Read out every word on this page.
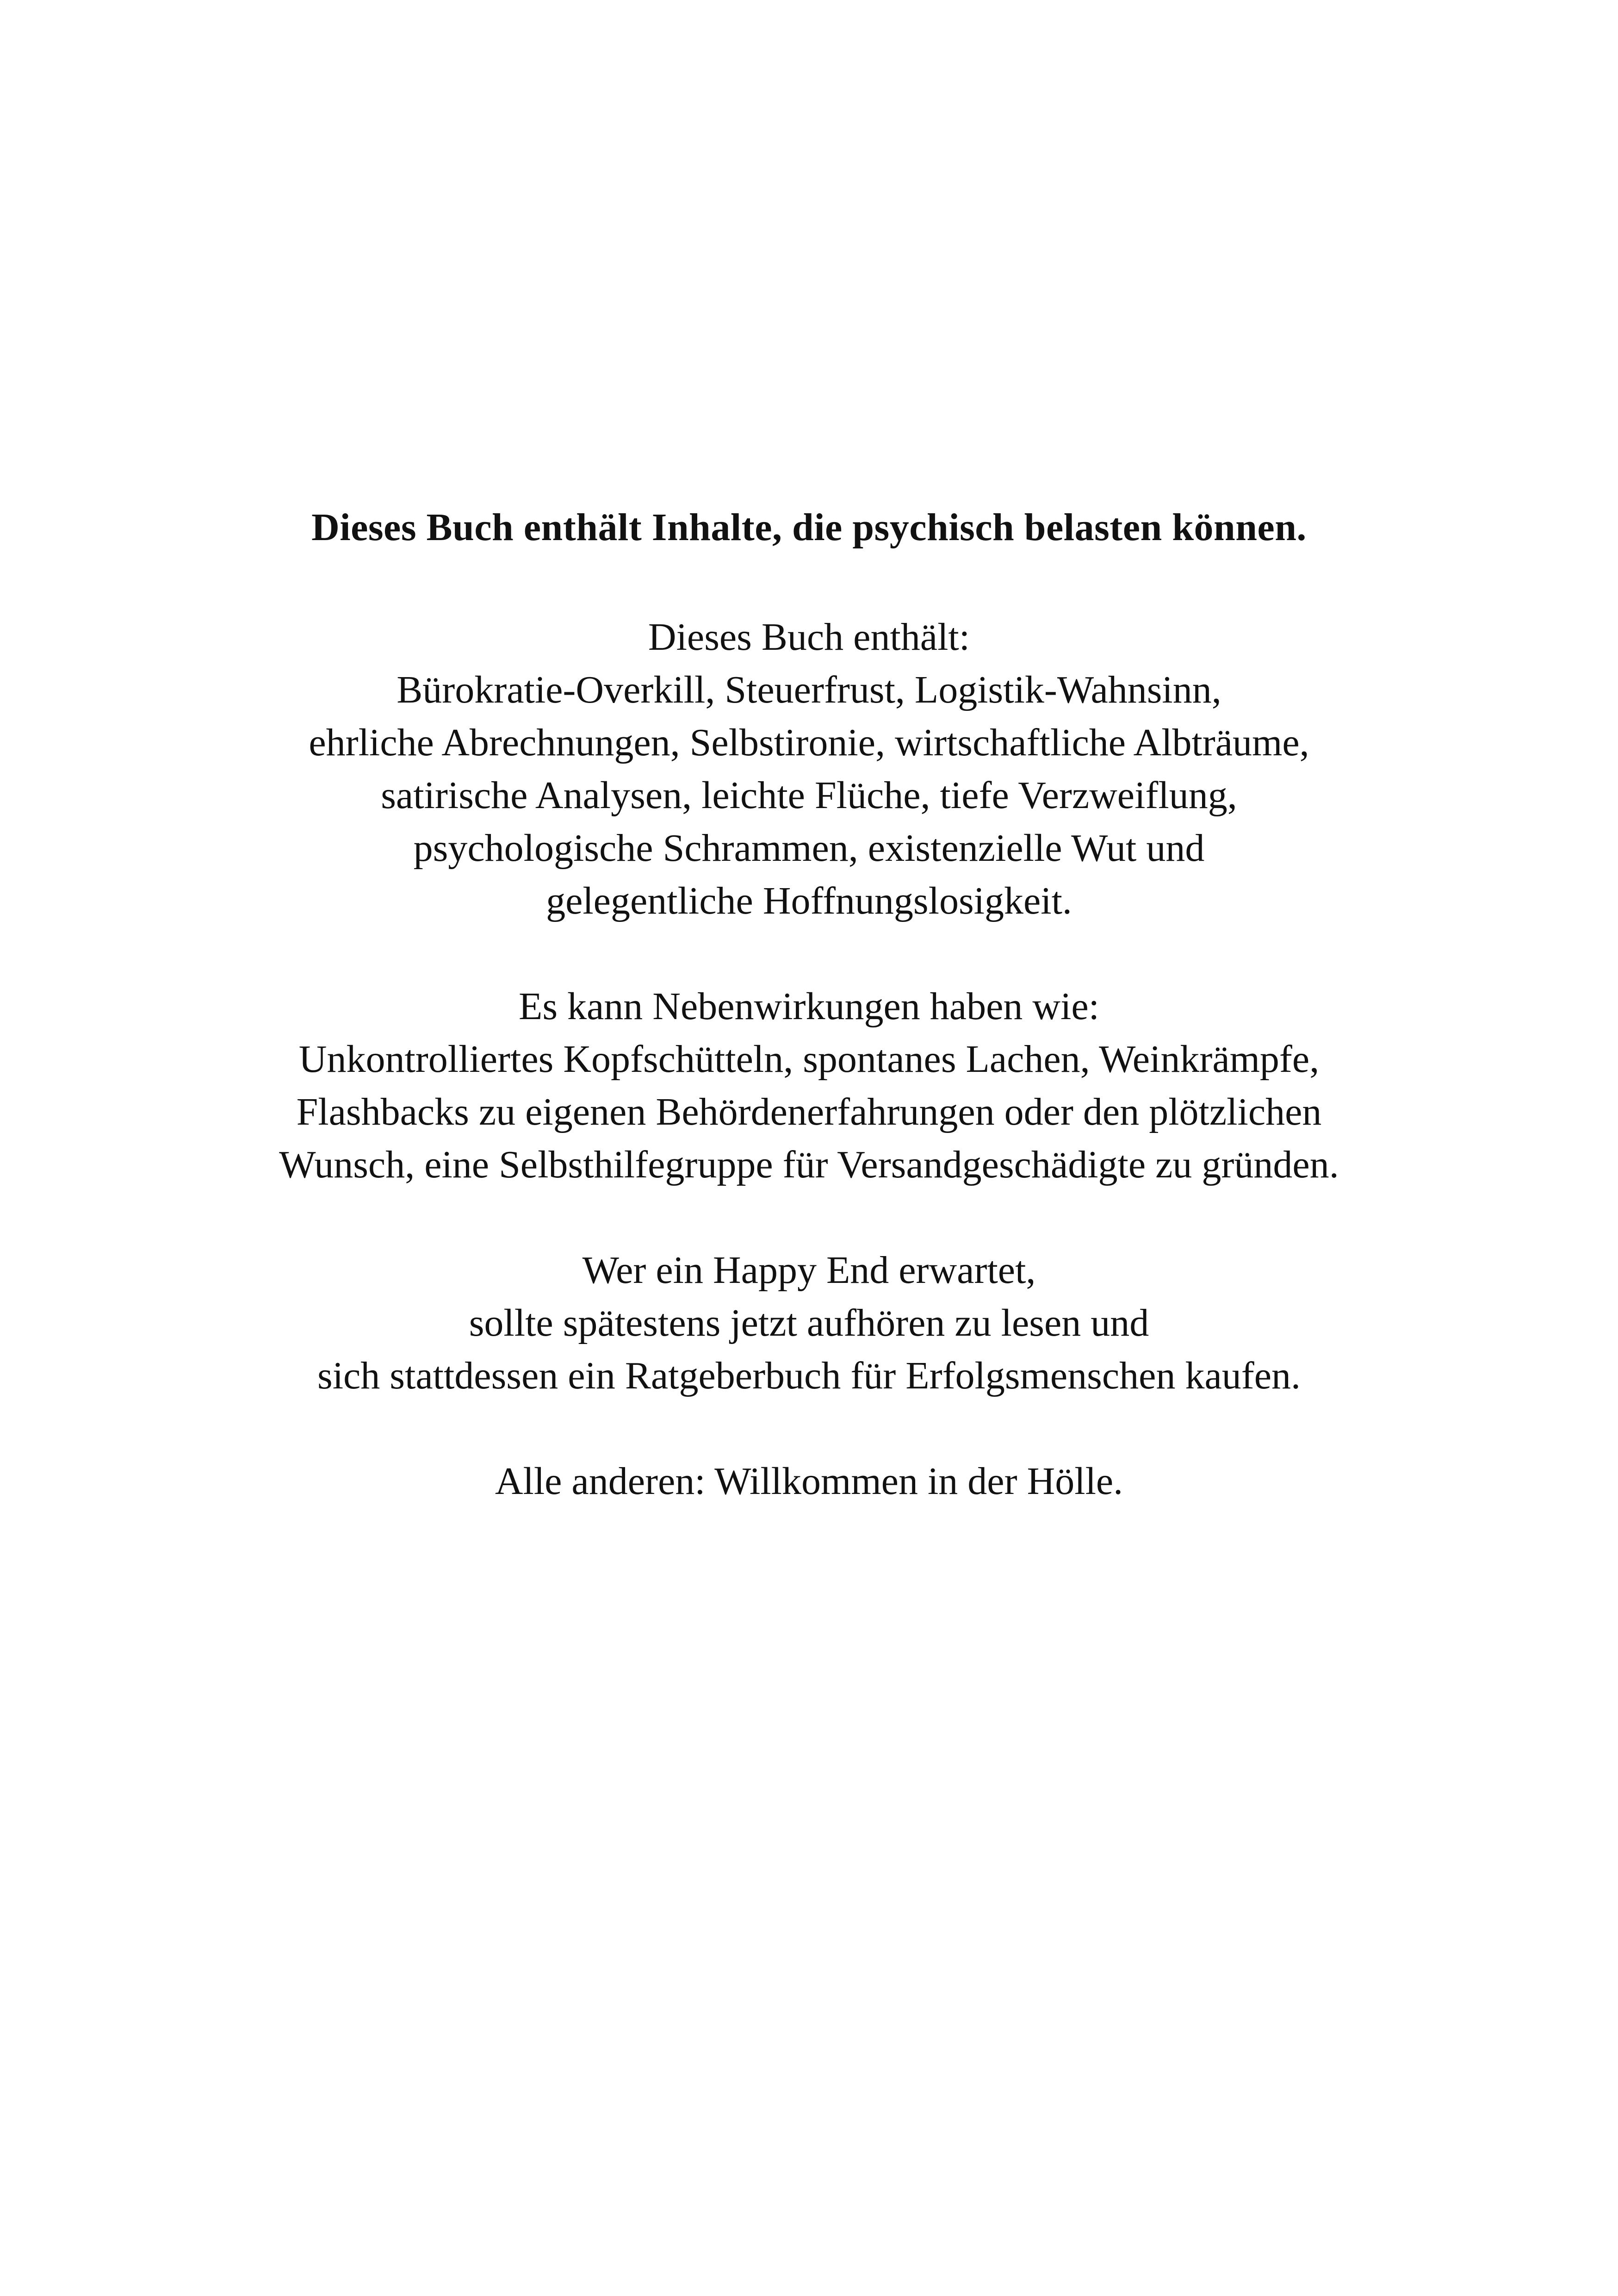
Dieses Buch enthält Inhalte, die psychisch belasten können.
Dieses Buch enthält:
Bürokratie-Overkill, Steuerfrust, Logistik-Wahnsinn,
ehrliche Abrechnungen, Selbstironie, wirtschaftliche Albträume,
satirische Analysen, leichte Flüche, tiefe Verzweiflung,
psychologische Schrammen, existenzielle Wut und
gelegentliche Hoffnungslosigkeit.
Es kann Nebenwirkungen haben wie:
Unkontrolliertes Kopfschütteln, spontanes Lachen, Weinkrämpfe,
Flashbacks zu eigenen Behördenerfahrungen oder den plötzlichen
Wunsch, eine Selbsthilfegruppe für Versandgeschädigte zu gründen.
Wer ein Happy End erwartet,
sollte spätestens jetzt aufhören zu lesen und
sich stattdessen ein Ratgeberbuch für Erfolgsmenschen kaufen.
Alle anderen: Willkommen in der Hölle.
